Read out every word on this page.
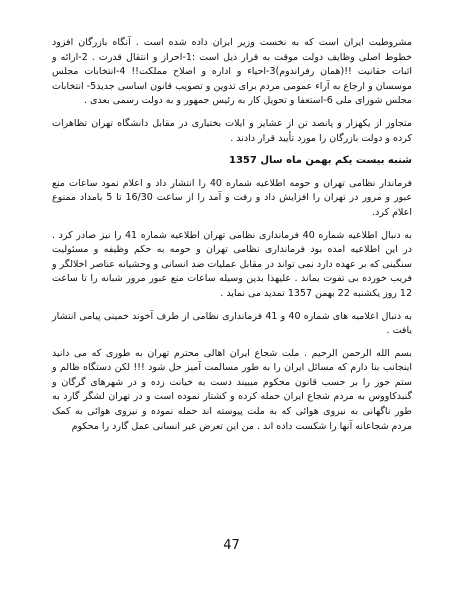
مشروطیت ایران است که به نخست وزیر ایران داده شده است . آنگاه بازرگان افزود خطوط اصلی وظایف دولت موقت به قرار ذیل است :1-احراز و انتقال قدرت . 2-ارائه و اثبات حقانیت !!(همان رفراندوم)3-احیاء و اداره و اصلاح مملکت!! 4-انتخابات مجلس موسسان و ارجاع به آراء عمومی مردم برای تدوین و تصویب قانون اساسی جدید5- انتخابات مجلس شورای ملی 6-استعفا و تحویل کار به رئیس جمهور و به دولت رسمی بعدی .

متجاوز از یکهزار و پانصد تن از عشایر و ایلات بختیاری در مقابل دانشگاه تهران تظاهرات کرده و دولت بازرگان را مورد تأیید قرار دادند .

شنبه بیست یکم بهمن ماه سال 1357

فرماندار نظامی تهران و حومه اطلاعیه شماره 40 را انتشار داد و اعلام نمود ساعات منع عبور و مرور در تهران را افزایش داد و رفت و آمد را از ساعت 16/30 تا 5 بامداد ممنوع اعلام کرد.

به دنبال اطلاعیه شماره 40 فرمانداری نظامی تهران اطلاعیه شماره 41 را نیز صادر کرد . در این اطلاعیه امده بود فرمانداری نظامی تهران و حومه به حکم وظیفه و مسئولیت سنگینی که بر عهده دارد نمی تواند در مقابل عملیات ضد انسانی و وحشیانه عناصر اخلالگر و فریب خورده بی تفوت بماند . علیهذا بدین وسیله ساعات منع عبور مرور شبانه را تا ساعت 12 روز یکشنبه 22 بهمن 1357 تمدید می نماید .

به دنبال اعلامیه های شماره 40 و 41 فرمانداری نظامی از طرف آخوند خمینی پیامی انتشار یافت .

بسم الله الرحمن الرحیم . ملت شجاع ایران اهالی محترم تهران به طوری که می دانید اینجانب بنا دارم که مسائل ایران را به طور مسالمت آمیز حل شود !!! لکن دستگاه ظالم و ستم جور را بر حسب قانون محکوم میبیند دست به خیانت زده و در شهرهای گرگان و گنبدکاووس به مردم شجاع ایران حمله کرده و کشتار نموده است و در تهران لشگر گارد به طور ناگهانی به نیروی هوائی که به ملت پیوسته اند حمله نموده و نیروی هوائی به کمک مردم شجاعانه آنها را شکست داده اند . من این تعرض غیر انسانی عمل گارد را محکوم

47
